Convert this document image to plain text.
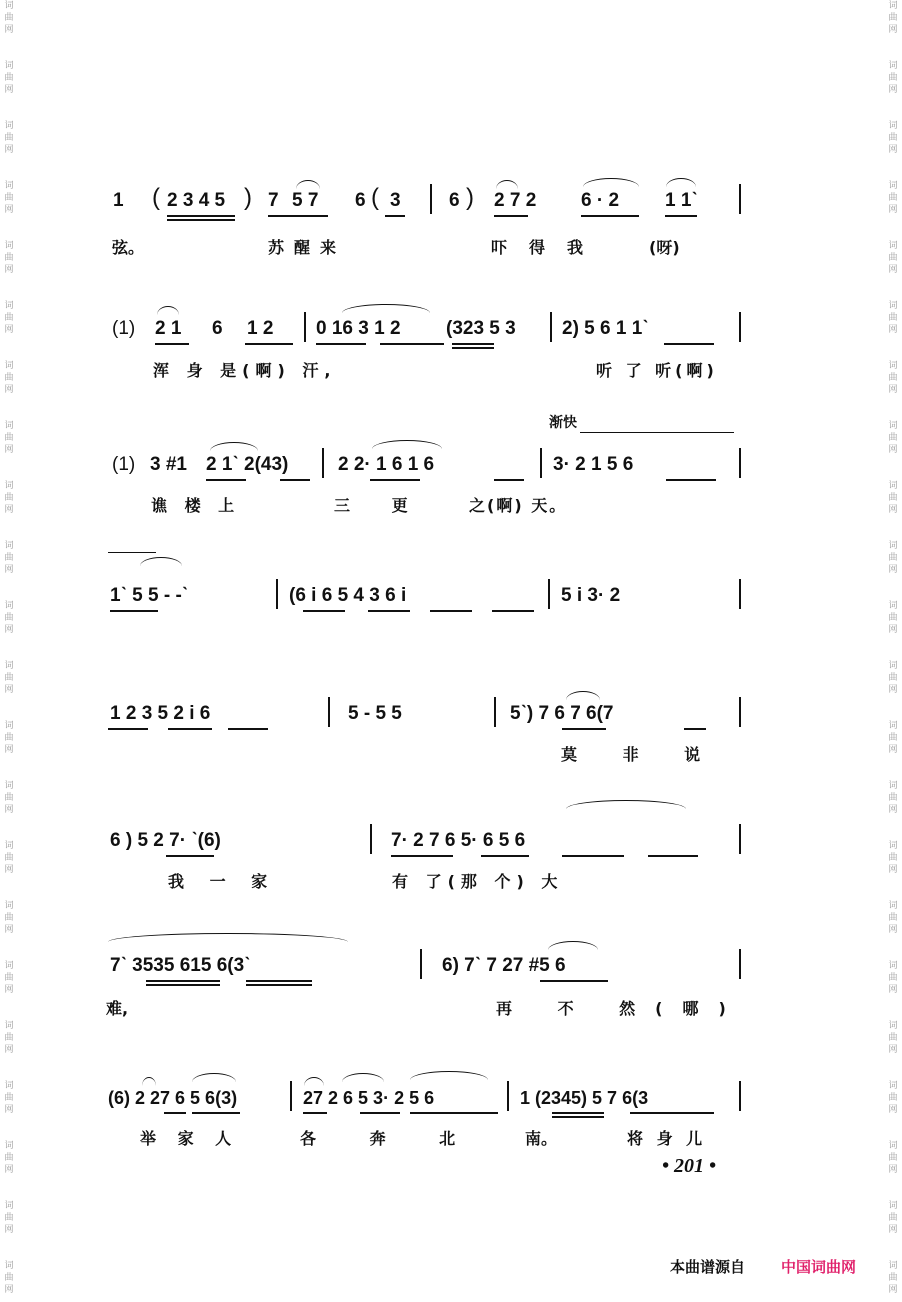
词
曲
网
词
曲
网
词
曲
网
词
曲
网
词
曲
网
词
曲
网
词
曲
网
词
曲
网
词
曲
网
词
曲
网
词
曲
网
词
曲
网
词
曲
网
词
曲
网
词
曲
网
词
曲
网
词
曲
网
词
曲
网
词
曲
网
词
曲
网
词
曲
网
词
曲
网
词
曲
网
词
曲
网
词
曲
网
词
曲
网
词
曲
网
词
曲
网
词
曲
网
词
曲
网
词
曲
网
词
曲
网
词
曲
网
词
曲
网
词
曲
网
词
曲
网
词
曲
网
词
曲
网
词
曲
网
词
曲
网
词
曲
网
词
曲
网
词
曲
网
词
曲
网
1 ( 2 3 4 5 ) 7 5 7 6 ( 3	6 ) 2 7 2 6 · 2 1 1ˋ
弦。	苏醒来	吓得我	(呀)
(1) 2 1 6 1 2 0 16 3 1 2 (323 5 3 2) 5 6 1 1ˋ
浑 身 是(啊) 汗,	听 了 听(啊)
渐快
(1) 3 #1 2 1ˋ 2(43)	2 2· 1 6 1 6	3· 2 1 5 6
谯 楼 上	三 更	之(啊) 天。
1ˋ 5 5 - -ˋ	(6 i 6 5 4 3 6 i	5 i 3· 2
1 2 3 5 2 i 6	5 - 5 5	5ˋ) 7 6 7 6(7
莫 非 说
6 ) 5 2 7· ˋ(6)	7· 2 7 6 5· 6 5 6
我 一 家	有 了(那 个) 大
7ˋ 3535 615 6(3ˋ	6) 7ˋ 7 27 #5 6
难,	再 不 然(哪)
(6) 2 27 6 5 6(3)	27 2 6 5 3· 2 5 6	1 (2345) 5 7 6(3
举 家 人	各 奔 北	南。	将 身 儿
• 201 •
本曲谱源自 中国词曲网
